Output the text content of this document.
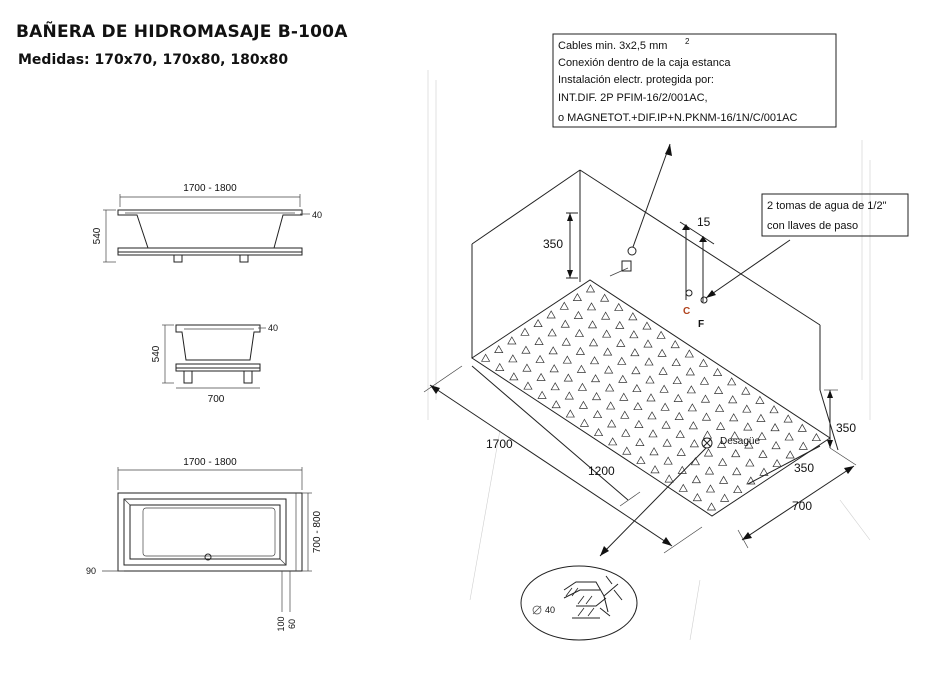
BAÑERA DE HIDROMASAJE B-100A
Medidas: 170x70, 170x80, 180x80
1700 - 1800
40
540
40
540
700
1700 - 1800
700 - 800
90
100 60
350
15
C
F
350
350
Desagüe
1700
1200
700
40
Cables min. 3x2,5 mm 2
Conexión dentro de la caja estanca
Instalación electr. protegida por:
INT.DIF. 2P PFIM-16/2/001AC,
o MAGNETOT.+DIF.IP+N.PKNM-16/1N/C/001AC
2 tomas de agua de 1/2"
con llaves de paso
